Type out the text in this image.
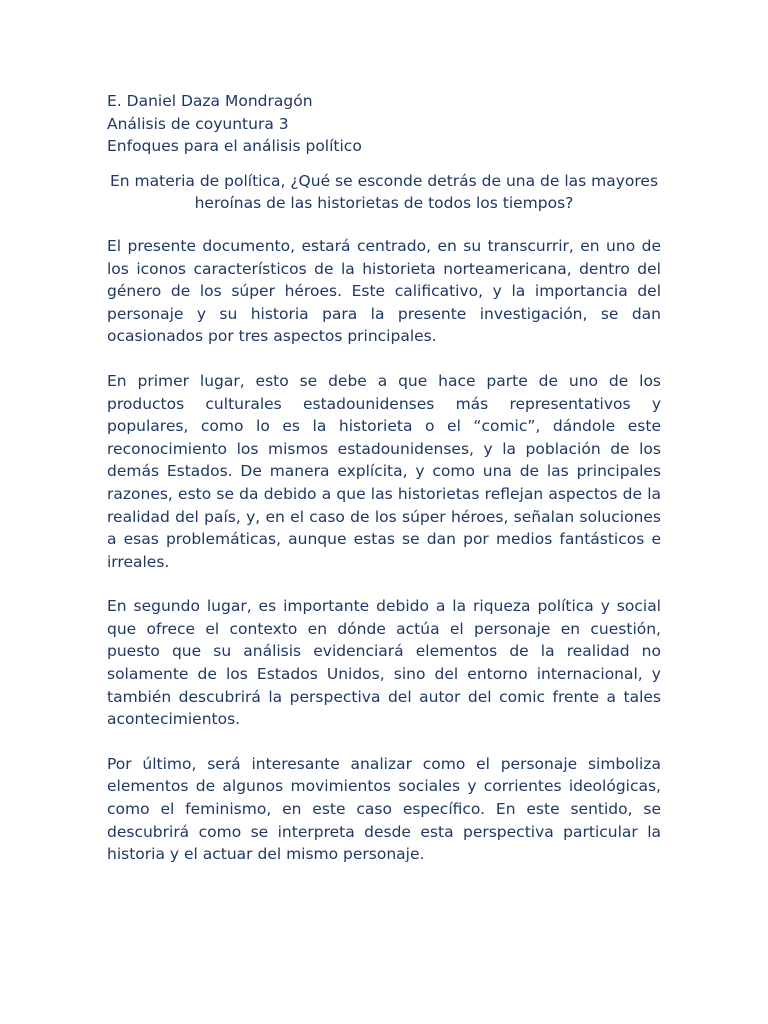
E. Daniel Daza Mondragón
Análisis de coyuntura 3
Enfoques para el análisis político

En materia de política, ¿Qué se esconde detrás de una de las mayores heroínas de las historietas de todos los tiempos?

El presente documento, estará centrado, en su transcurrir, en uno de los iconos característicos de la historieta norteamericana, dentro del género de los súper héroes. Este calificativo, y la importancia del personaje y su historia para la presente investigación, se dan ocasionados por tres aspectos principales.

En primer lugar, esto se debe a que hace parte de uno de los productos culturales estadounidenses más representativos y populares, como lo es la historieta o el “comic”, dándole este reconocimiento los mismos estadounidenses, y la población de los demás Estados. De manera explícita, y como una de las principales razones, esto se da debido a que las historietas reflejan aspectos de la realidad del país, y, en el caso de los súper héroes, señalan soluciones a esas problemáticas, aunque estas se dan por medios fantásticos e irreales.

En segundo lugar, es importante debido a la riqueza política y social que ofrece el contexto en dónde actúa el personaje en cuestión, puesto que su análisis evidenciará elementos de la realidad no solamente de los Estados Unidos, sino del entorno internacional, y también descubrirá la perspectiva del autor del comic frente a tales acontecimientos.

Por último, será interesante analizar como el personaje simboliza elementos de algunos movimientos sociales y corrientes ideológicas, como el feminismo, en este caso específico. En este sentido, se descubrirá como se interpreta desde esta perspectiva particular la historia y el actuar del mismo personaje.
